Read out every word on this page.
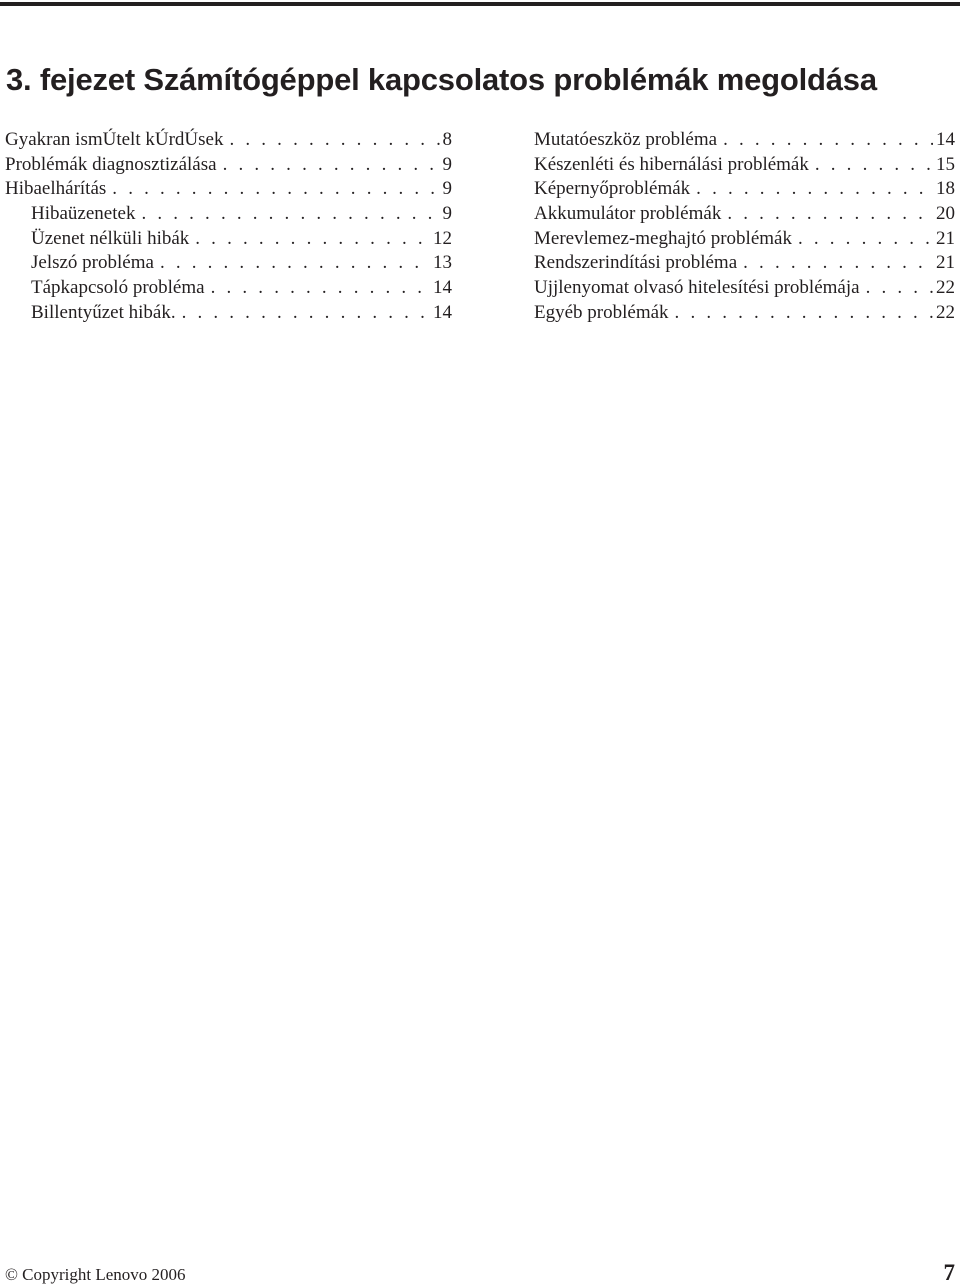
3. fejezet Számítógéppel kapcsolatos problémák megoldása
Gyakran ismÚtelt kÚrdÚsek . . .	8
Problémák diagnosztizálása . . .	9
Hibaelhárítás . . .	9
Hibaüzenetek . . .	9
Üzenet nélküli hibák . . .	12
Jelszó probléma . . .	13
Tápkapcsoló probléma . . .	14
Billentyűzet hibák. . . .	14
Mutatóeszköz probléma . . .	14
Készenléti és hibernálási problémák . . .	15
Képernyőproblémák . . .	18
Akkumulátor problémák . . .	20
Merevlemez-meghajtó problémák . . .	21
Rendszerindítási probléma . . .	21
Ujjlenyomat olvasó hitelesítési problémája . . .	22
Egyéb problémák . . .	22
© Copyright Lenovo 2006	7
